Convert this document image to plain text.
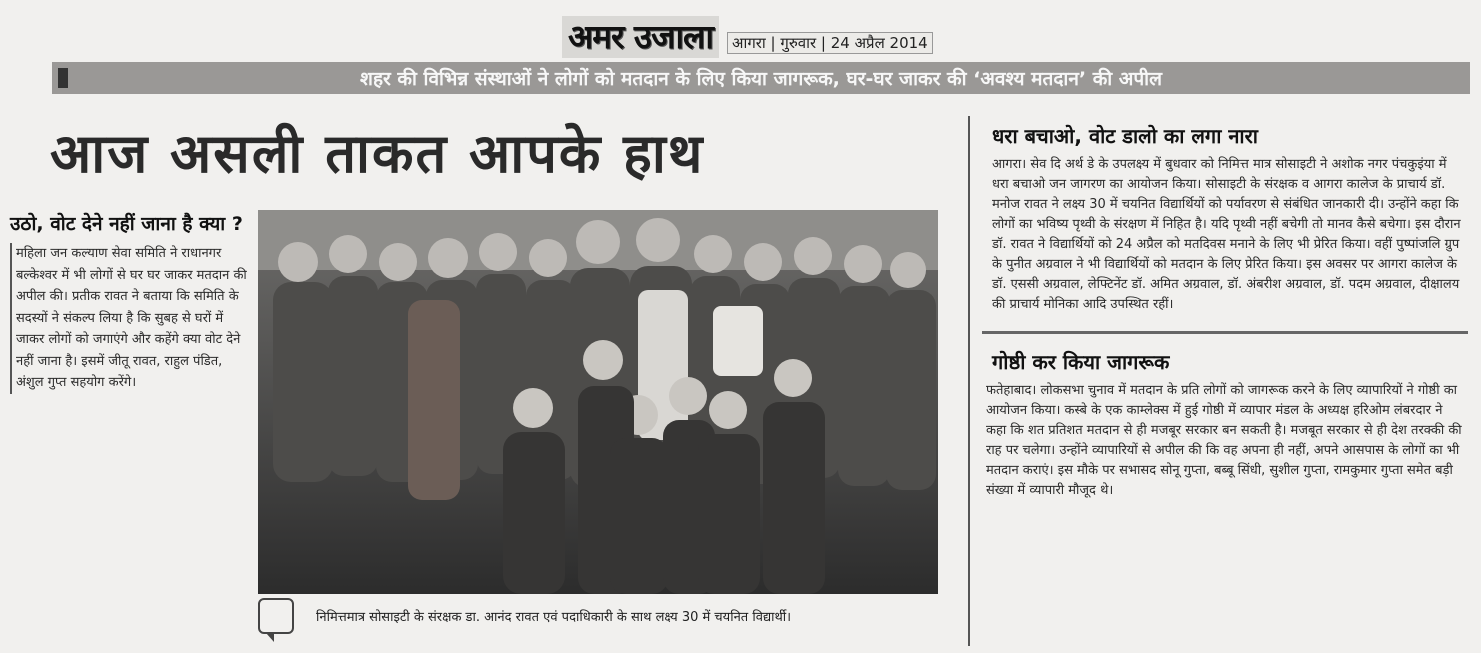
अमर उजाला	आगरा | गुरुवार | 24 अप्रैल 2014
शहर की विभिन्न संस्थाओं ने लोगों को मतदान के लिए किया जागरूक, घर-घर जाकर की ‘अवश्य मतदान’ की अपील
आज असली ताकत आपके हाथ

उठो, वोट देने नहीं जाना है क्या ?

महिला जन कल्याण सेवा समिति ने राधानगर बल्केश्वर में भी लोगों से घर घर जाकर मतदान की अपील की। प्रतीक रावत ने बताया कि समिति के सदस्यों ने संकल्प लिया है कि सुबह से घरों में जाकर लोगों को जगाएंगे और कहेंगे क्या वोट देने नहीं जाना है। इसमें जीतू रावत, राहुल पंडित, अंशुल गुप्त सहयोग करेंगे।

निमित्तमात्र सोसाइटी के संरक्षक डा. आनंद रावत एवं पदाधिकारी के साथ लक्ष्य 30 में चयनित विद्यार्थी।
धरा बचाओ, वोट डालो का लगा नारा

आगरा। सेव दि अर्थ डे के उपलक्ष्य में बुधवार को निमित्त मात्र सोसाइटी ने अशोक नगर पंचकुइंया में धरा बचाओ जन जागरण का आयोजन किया। सोसाइटी के संरक्षक व आगरा कालेज के प्राचार्य डॉ. मनोज रावत ने लक्ष्य 30 में चयनित विद्यार्थियों को पर्यावरण से संबंधित जानकारी दी। उन्होंने कहा कि लोगों का भविष्य पृथ्वी के संरक्षण में निहित है। यदि पृथ्वी नहीं बचेगी तो मानव कैसे बचेगा। इस दौरान डॉ. रावत ने विद्यार्थियों को 24 अप्रैल को मतदिवस मनाने के लिए भी प्रेरित किया। वहीं पुष्पांजलि ग्रुप के पुनीत अग्रवाल ने भी विद्यार्थियों को मतदान के लिए प्रेरित किया। इस अवसर पर आगरा कालेज के डॉ. एससी अग्रवाल, लेफ्टिनेंट डॉ. अमित अग्रवाल, डॉ. अंबरीश अग्रवाल, डॉ. पदम अग्रवाल, दीक्षालय की प्राचार्य मोनिका आदि उपस्थित रहीं।

गोष्ठी कर किया जागरूक

फतेहाबाद। लोकसभा चुनाव में मतदान के प्रति लोगों को जागरूक करने के लिए व्यापारियों ने गोष्ठी का आयोजन किया। कस्बे के एक काम्लेक्स में हुई गोष्ठी में व्यापार मंडल के अध्यक्ष हरिओम लंबरदार ने कहा कि शत प्रतिशत मतदान से ही मजबूर सरकार बन सकती है। मजबूत सरकार से ही देश तरक्की की राह पर चलेगा। उन्होंने व्यापारियों से अपील की कि वह अपना ही नहीं, अपने आसपास के लोगों का भी मतदान कराएं। इस मौके पर सभासद सोनू गुप्ता, बब्बू सिंधी, सुशील गुप्ता, रामकुमार गुप्ता समेत बड़ी संख्या में व्यापारी मौजूद थे।
